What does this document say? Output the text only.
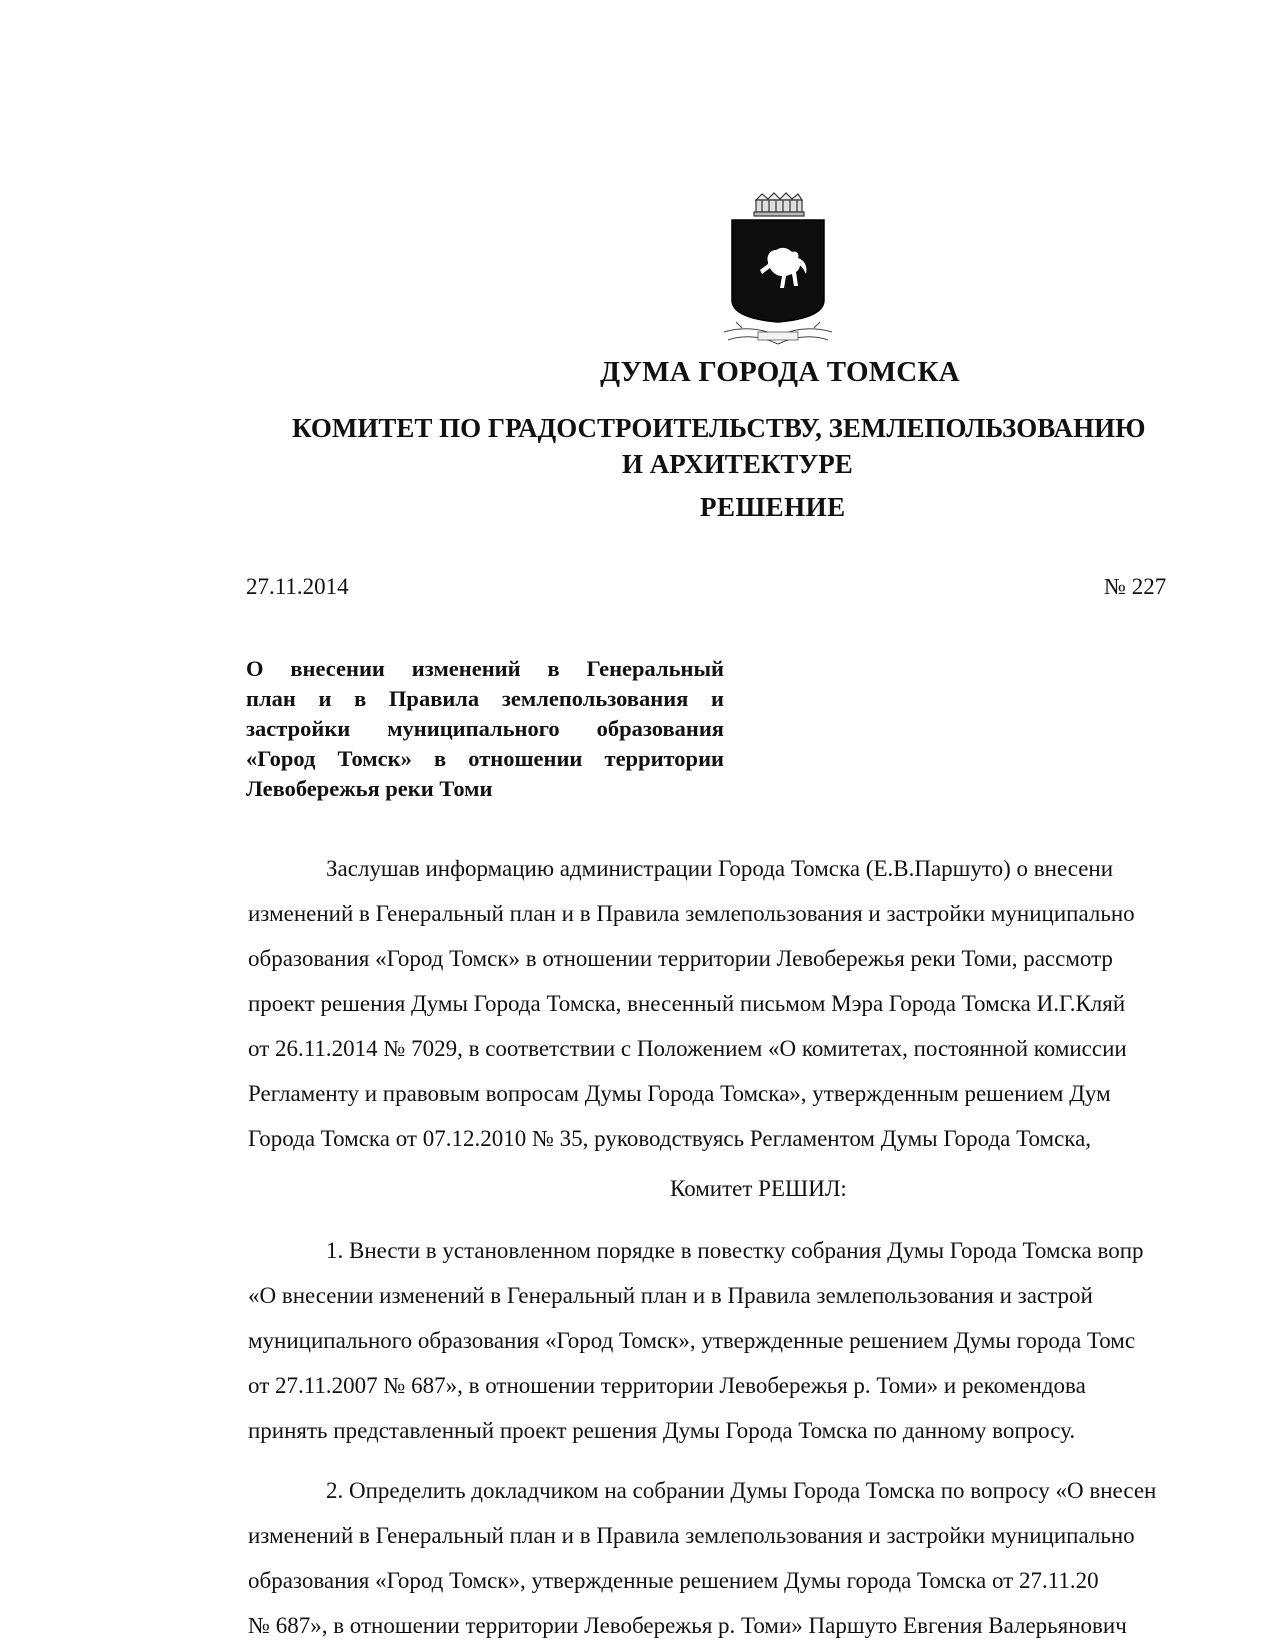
ДУМА ГОРОДА ТОМСКА
КОМИТЕТ ПО ГРАДОСТРОИТЕЛЬСТВУ, ЗЕМЛЕПОЛЬЗОВАНИЮ
И АРХИТЕКТУРЕ
РЕШЕНИЕ
27.11.2014	№ 227
О внесении изменений в Генеральный
план и в Правила землепользования и
застройки муниципального образования
«Город Томск» в отношении территории
Левобережья реки Томи
Заслушав информацию администрации Города Томска (Е.В.Паршуто) о внесени
изменений в Генеральный план и в Правила землепользования и застройки муниципально
образования «Город Томск» в отношении территории Левобережья реки Томи, рассмотр
проект решения Думы Города Томска, внесенный письмом Мэра Города Томска И.Г.Кляй
от 26.11.2014 № 7029, в соответствии с Положением «О комитетах, постоянной комиссии
Регламенту и правовым вопросам Думы Города Томска», утвержденным решением Дум
Города Томска от 07.12.2010 № 35, руководствуясь Регламентом Думы Города Томска,
Комитет РЕШИЛ:
1. Внести в установленном порядке в повестку собрания Думы Города Томска вопр
«О внесении изменений в Генеральный план и в Правила землепользования и застрой
муниципального образования «Город Томск», утвержденные решением Думы города Томс
от 27.11.2007 № 687», в отношении территории Левобережья р. Томи» и рекомендова
принять представленный проект решения Думы Города Томска по данному вопросу.
2. Определить докладчиком на собрании Думы Города Томска по вопросу «О внесен
изменений в Генеральный план и в Правила землепользования и застройки муниципально
образования «Город Томск», утвержденные решением Думы города Томска от 27.11.20
№ 687», в отношении территории Левобережья р. Томи» Паршуто Евгения Валерьянович
